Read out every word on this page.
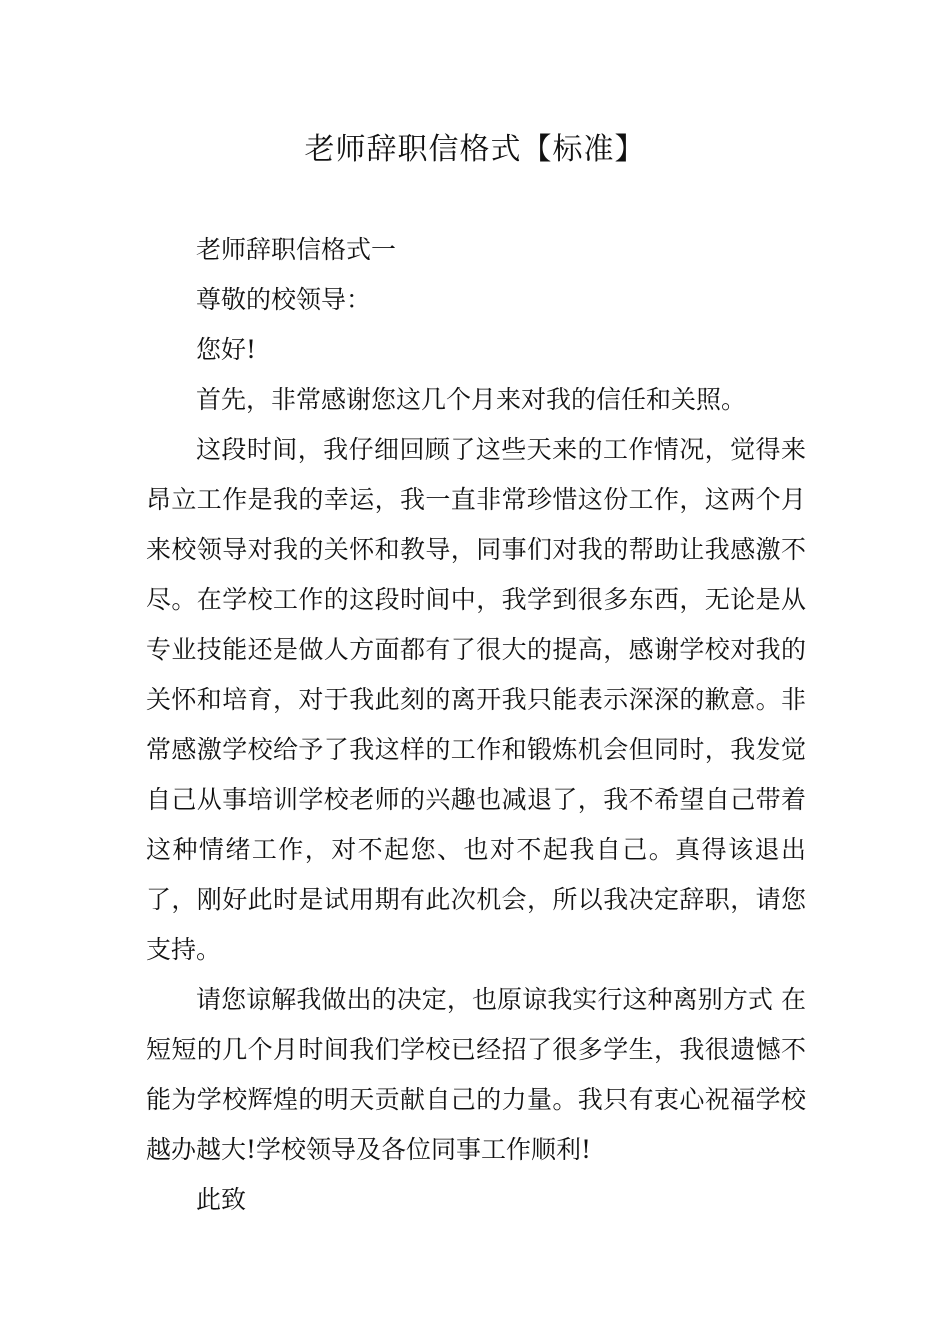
老师辞职信格式【标准】

老师辞职信格式一

尊敬的校领导：

您好!

首先，非常感谢您这几个月来对我的信任和关照。

这段时间，我仔细回顾了这些天来的工作情况，觉得来昂立工作是我的幸运，我一直非常珍惜这份工作，这两个月来校领导对我的关怀和教导，同事们对我的帮助让我感激不尽。在学校工作的这段时间中，我学到很多东西，无论是从专业技能还是做人方面都有了很大的提高，感谢学校对我的关怀和培育，对于我此刻的离开我只能表示深深的歉意。非常感激学校给予了我这样的工作和锻炼机会但同时，我发觉自己从事培训学校老师的兴趣也减退了，我不希望自己带着这种情绪工作，对不起您、也对不起我自己。真得该退出了，刚好此时是试用期有此次机会，所以我决定辞职，请您支持。

请您谅解我做出的决定，也原谅我实行这种离别方式 在短短的几个月时间我们学校已经招了很多学生，我很遗憾不能为学校辉煌的明天贡献自己的力量。我只有衷心祝福学校越办越大!学校领导及各位同事工作顺利!

此致
